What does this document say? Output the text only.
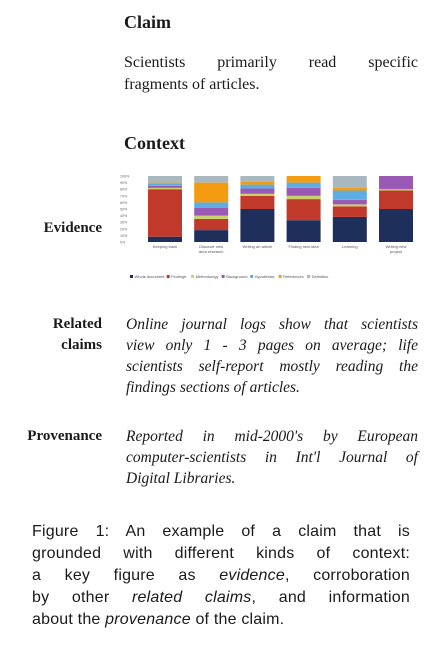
Claim
Scientists primarily read specific
fragments of articles.
Context
Evidence
100%
90%
80%
70%
60%
50%
40%
30%
20%
10%
0%
Keeping track	Discover new
area research
Writing an article	Finding new idea	Learning	Writing new
project
Whole document Findings Methodology Background Hypothesis References Definition
Related
claims
Online journal logs show that scientists
view only 1 - 3 pages on average; life
scientists self-report mostly reading the
findings sections of articles.
Provenance Reported in mid-2000's by European
computer-scientists in Int'l Journal of
Digital Libraries.
Figure 1: An example of a claim that is
grounded with different kinds of context:
a key figure as evidence, corroboration
by other related claims, and information
about the provenance of the claim.
